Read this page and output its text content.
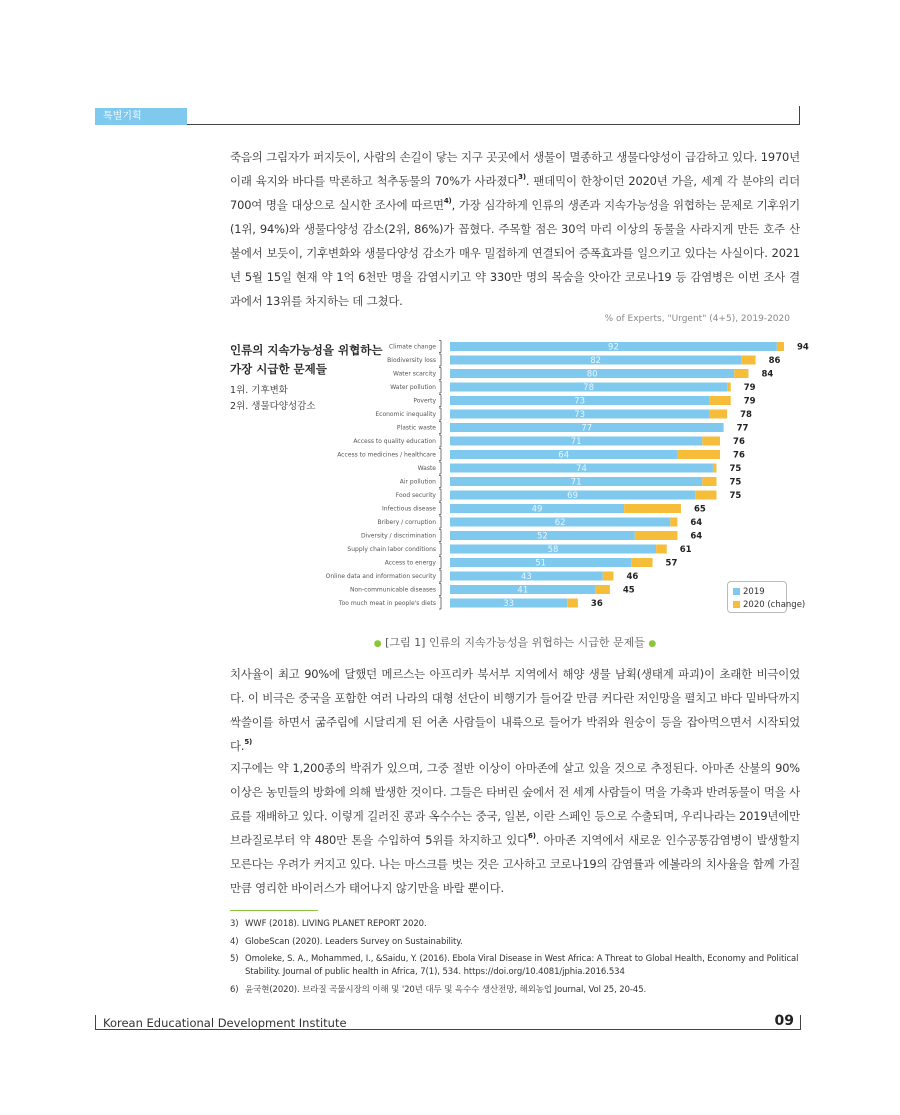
특별기획
죽음의 그림자가 퍼지듯이, 사람의 손길이 닿는 지구 곳곳에서 생물이 멸종하고 생물다양성이 급감하고 있다. 1970년 이래 육지와 바다를 막론하고 척추동물의 70%가 사라졌다$^{3)}$. 팬데믹이 한창이던 2020년 가을, 세계 각 분야의 리더 700여 명을 대상으로 실시한 조사에 따르면$^{4)}$, 가장 심각하게 인류의 생존과 지속가능성을 위협하는 문제로 기후위기(1위, 94%)와 생물다양성 감소(2위, 86%)가 꼽혔다. 주목할 점은 30억 마리 이상의 동물을 사라지게 만든 호주 산불에서 보듯이, 기후변화와 생물다양성 감소가 매우 밀접하게 연결되어 증폭효과를 일으키고 있다는 사실이다. 2021년 5월 15일 현재 약 1억 6천만 명을 감염시키고 약 330만 명의 목숨을 앗아간 코로나19 등 감염병은 이번 조사 결과에서 13위를 차지하는 데 그쳤다.
% of Experts, "Urgent" (4+5), 2019-2020
인류의 지속가능성을 위협하는
가장 시급한 문제들
1위. 기후변화
2위. 생물다양성감소
Climate change	92	94
Biodiversity loss	82	86
Water scarcity	80	84
Water pollution	78	79
Poverty	73	79
Economic inequality	73	78
Plastic waste	77	77
Access to quality education	71	76
Access to medicines / healthcare	64	76
Waste	74	75
Air pollution	71	75
Food security	69	75
Infectious disease	49	65
Bribery / corruption	62	64
Diversity / discrimination	52	64
Supply chain labor conditions	58	61
Access to energy	51	57
Online data and information security	43	46
Non-communicable diseases	41	45
Too much meat in people's diets	33	36
2019
2020 (change)
● [그림 1] 인류의 지속가능성을 위협하는 시급한 문제들 ●
치사율이 최고 90%에 달했던 메르스는 아프리카 북서부 지역에서 해양 생물 남획(생태계 파괴)이 초래한 비극이었다. 이 비극은 중국을 포함한 여러 나라의 대형 선단이 비행기가 들어갈 만큼 커다란 저인망을 펼치고 바다 밑바닥까지 싹쓸이를 하면서 굶주림에 시달리게 된 어촌 사람들이 내륙으로 들어가 박쥐와 원숭이 등을 잡아먹으면서 시작되었다.$^{5)}$
지구에는 약 1,200종의 박쥐가 있으며, 그중 절반 이상이 아마존에 살고 있을 것으로 추정된다. 아마존 산불의 90% 이상은 농민들의 방화에 의해 발생한 것이다. 그들은 타버린 숲에서 전 세계 사람들이 먹을 가축과 반려동물이 먹을 사료를 재배하고 있다. 이렇게 길러진 콩과 옥수수는 중국, 일본, 이란 스페인 등으로 수출되며, 우리나라는 2019년에만 브라질로부터 약 480만 톤을 수입하여 5위를 차지하고 있다$^{6)}$. 아마존 지역에서 새로운 인수공통감염병이 발생할지 모른다는 우려가 커지고 있다. 나는 마스크를 벗는 것은 고사하고 코로나19의 감염률과 에볼라의 치사율을 함께 가질 만큼 영리한 바이러스가 태어나지 않기만을 바랄 뿐이다.
3) WWF (2018). LIVING PLANET REPORT 2020.
4) GlobeScan (2020). Leaders Survey on Sustainability.
5) Omoleke, S. A., Mohammed, I., &Saidu, Y. (2016). Ebola Viral Disease in West Africa: A Threat to Global Health, Economy and Political
Stability. Journal of public health in Africa, 7(1), 534. https://doi.org/10.4081/jphia.2016.534
6) 윤국현(2020). 브라질 곡물시장의 이해 및 '20년 대두 및 옥수수 생산전망, 해외농업 Journal, Vol 25, 20-45.
Korean Educational Development Institute	09
